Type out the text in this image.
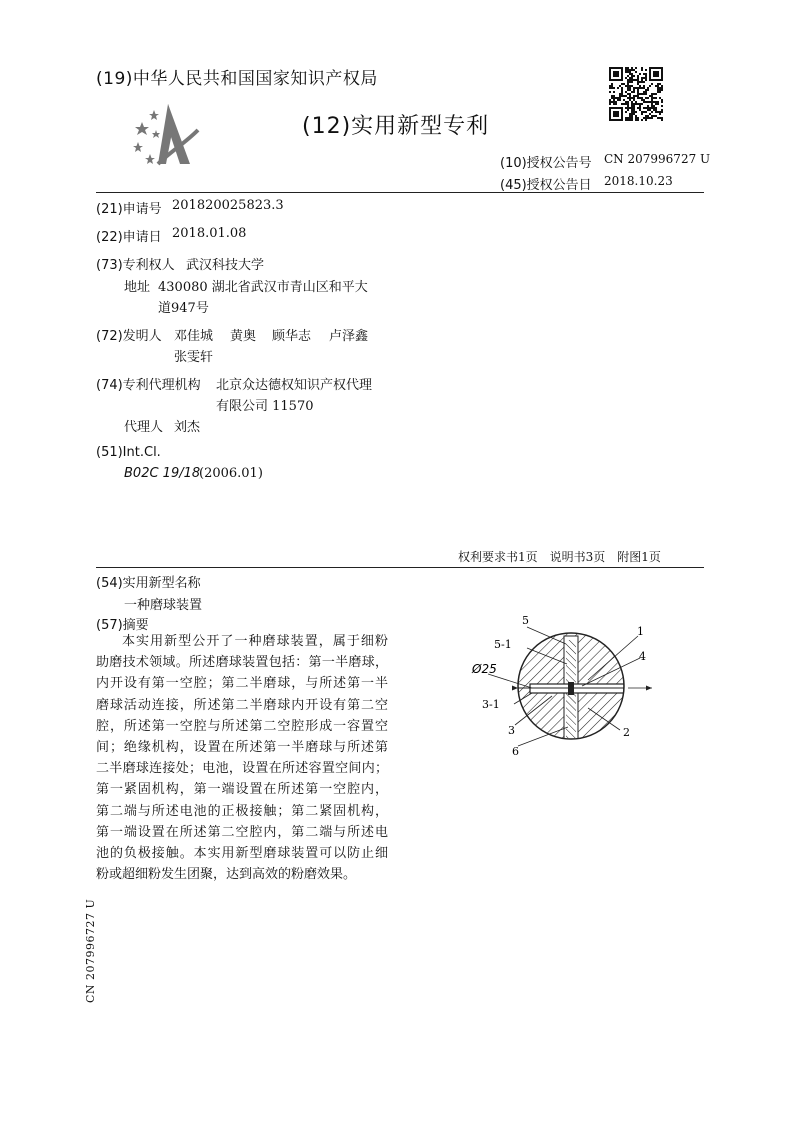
(19)中华人民共和国国家知识产权局
(12)实用新型专利
(10)授权公告号 CN 207996727 U
(45)授权公告日 2018.10.23
(21)申请号 201820025823.3
(22)申请日 2018.01.08
(73)专利权人 武汉科技大学
地址 430080 湖北省武汉市青山区和平大
道947号
(72)发明人 邓佳城 黄奥 顾华志 卢泽鑫
张雯轩
(74)专利代理机构 北京众达德权知识产权代理
有限公司 11570
代理人 刘杰
(51)Int.Cl.
B02C 19/18
(2006.01)
权利要求书1页　说明书3页　附图1页
(54)实用新型名称
一种磨球装置
(57)摘要
本实用新型公开了一种磨球装置，属于细粉
助磨技术领域。所述磨球装置包括：第一半磨球，
内开设有第一空腔；第二半磨球，与所述第一半
磨球活动连接，所述第二半磨球内开设有第二空
腔，所述第一空腔与所述第二空腔形成一容置空
间；绝缘机构，设置在所述第一半磨球与所述第
二半磨球连接处；电池，设置在所述容置空间内；
第一紧固机构，第一端设置在所述第一空腔内，
第二端与所述电池的正极接触；第二紧固机构，
第一端设置在所述第二空腔内，第二端与所述电
池的负极接触。本实用新型磨球装置可以防止细
粉或超细粉发生团聚，达到高效的粉磨效果。
5
5-1
1
4
Ø25
3-1
3	2
6
CN 207996727 U
